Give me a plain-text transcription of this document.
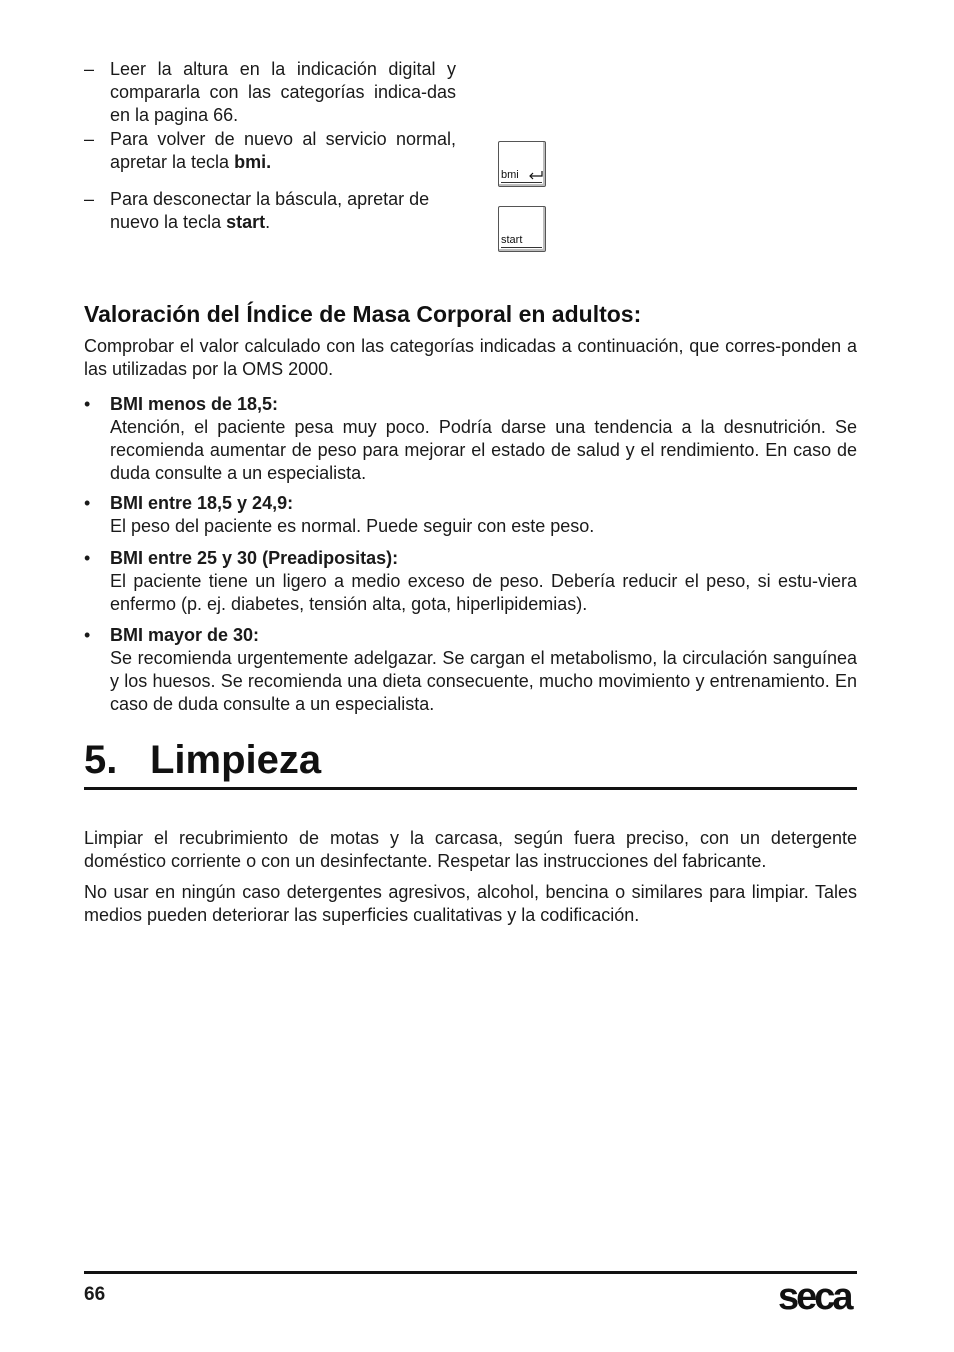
– Leer la altura en la indicación digital y compararla con las categorías indica-das en la pagina 66.
– Para volver de nuevo al servicio normal, apretar la tecla bmi.
– Para desconectar la báscula, apretar de nuevo la tecla start.
bmi
start
Valoración del Índice de Masa Corporal en adultos:
Comprobar el valor calculado con las categorías indicadas a continuación, que corres-ponden a las utilizadas por la OMS 2000.
• BMI menos de 18,5:
Atención, el paciente pesa muy poco. Podría darse una tendencia a la desnutrición. Se recomienda aumentar de peso para mejorar el estado de salud y el rendimiento. En caso de duda consulte a un especialista.
• BMI entre 18,5 y 24,9:
El peso del paciente es normal. Puede seguir con este peso.
• BMI entre 25 y 30 (Preadipositas):
El paciente tiene un ligero a medio exceso de peso. Debería reducir el peso, si estu-viera enfermo (p. ej. diabetes, tensión alta, gota, hiperlipidemias).
• BMI mayor de 30:
Se recomienda urgentemente adelgazar. Se cargan el metabolismo, la circulación sanguínea y los huesos. Se recomienda una dieta consecuente, mucho movimiento y entrenamiento. En caso de duda consulte a un especialista.
5. Limpieza
Limpiar el recubrimiento de motas y la carcasa, según fuera preciso, con un detergente doméstico corriente o con un desinfectante. Respetar las instrucciones del fabricante.
No usar en ningún caso detergentes agresivos, alcohol, bencina o similares para limpiar. Tales medios pueden deteriorar las superficies cualitativas y la codificación.
66	seca
